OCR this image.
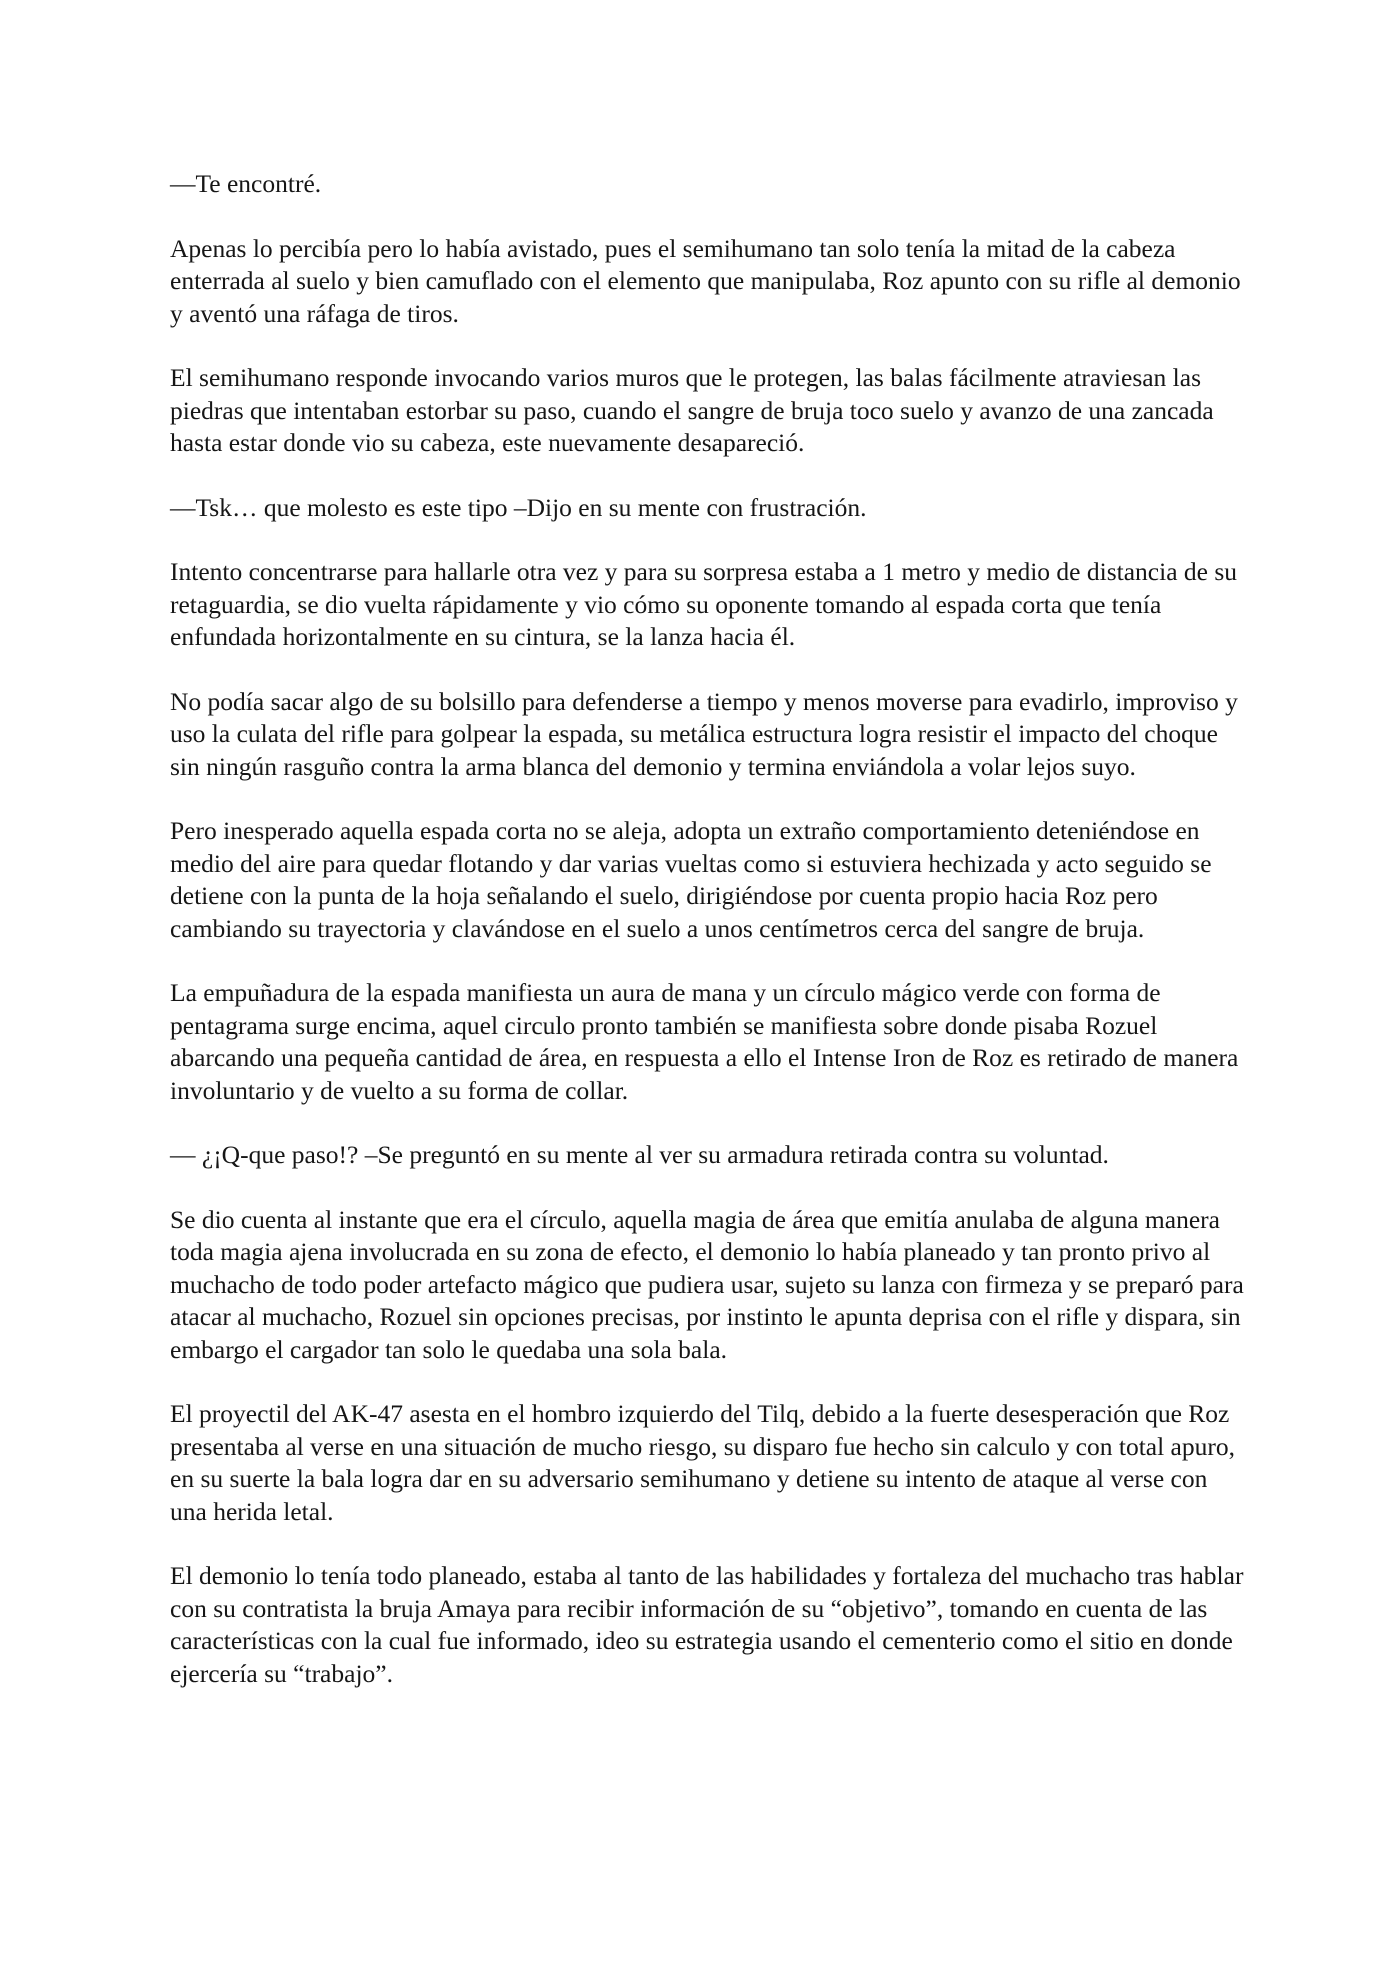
—Te encontré.

Apenas lo percibía pero lo había avistado, pues el semihumano tan solo tenía la mitad de la cabeza enterrada al suelo y bien camuflado con el elemento que manipulaba, Roz apunto con su rifle al demonio y aventó una ráfaga de tiros.

El semihumano responde invocando varios muros que le protegen, las balas fácilmente atraviesan las piedras que intentaban estorbar su paso, cuando el sangre de bruja toco suelo y avanzo de una zancada hasta estar donde vio su cabeza, este nuevamente desapareció.

—Tsk… que molesto es este tipo –Dijo en su mente con frustración.

Intento concentrarse para hallarle otra vez y para su sorpresa estaba a 1 metro y medio de distancia de su retaguardia, se dio vuelta rápidamente y vio cómo su oponente tomando al espada corta que tenía enfundada horizontalmente en su cintura, se la lanza hacia él.

No podía sacar algo de su bolsillo para defenderse a tiempo y menos moverse para evadirlo, improviso y uso la culata del rifle para golpear la espada, su metálica estructura logra resistir el impacto del choque sin ningún rasguño contra la arma blanca del demonio y termina enviándola a volar lejos suyo.

Pero inesperado aquella espada corta no se aleja, adopta un extraño comportamiento deteniéndose en medio del aire para quedar flotando y dar varias vueltas como si estuviera hechizada y acto seguido se detiene con la punta de la hoja señalando el suelo, dirigiéndose por cuenta propio hacia Roz pero cambiando su trayectoria y clavándose en el suelo a unos centímetros cerca del sangre de bruja.

La empuñadura de la espada manifiesta un aura de mana y un círculo mágico verde con forma de pentagrama surge encima, aquel circulo pronto también se manifiesta sobre donde pisaba Rozuel abarcando una pequeña cantidad de área, en respuesta a ello el Intense Iron de Roz es retirado de manera involuntario y de vuelto a su forma de collar.

— ¿¡Q-que paso!? –Se preguntó en su mente al ver su armadura retirada contra su voluntad.

Se dio cuenta al instante que era el círculo, aquella magia de área que emitía anulaba de alguna manera toda magia ajena involucrada en su zona de efecto, el demonio lo había planeado y tan pronto privo al muchacho de todo poder artefacto mágico que pudiera usar, sujeto su lanza con firmeza y se preparó para atacar al muchacho, Rozuel sin opciones precisas, por instinto le apunta deprisa con el rifle y dispara, sin embargo el cargador tan solo le quedaba una sola bala.

El proyectil del AK-47 asesta en el hombro izquierdo del Tilq, debido a la fuerte desesperación que Roz presentaba al verse en una situación de mucho riesgo, su disparo fue hecho sin calculo y con total apuro, en su suerte la bala logra dar en su adversario semihumano y detiene su intento de ataque al verse con una herida letal.

El demonio lo tenía todo planeado, estaba al tanto de las habilidades y fortaleza del muchacho tras hablar con su contratista la bruja Amaya para recibir información de su “objetivo”, tomando en cuenta de las características con la cual fue informado, ideo su estrategia usando el cementerio como el sitio en donde ejercería su “trabajo”.
